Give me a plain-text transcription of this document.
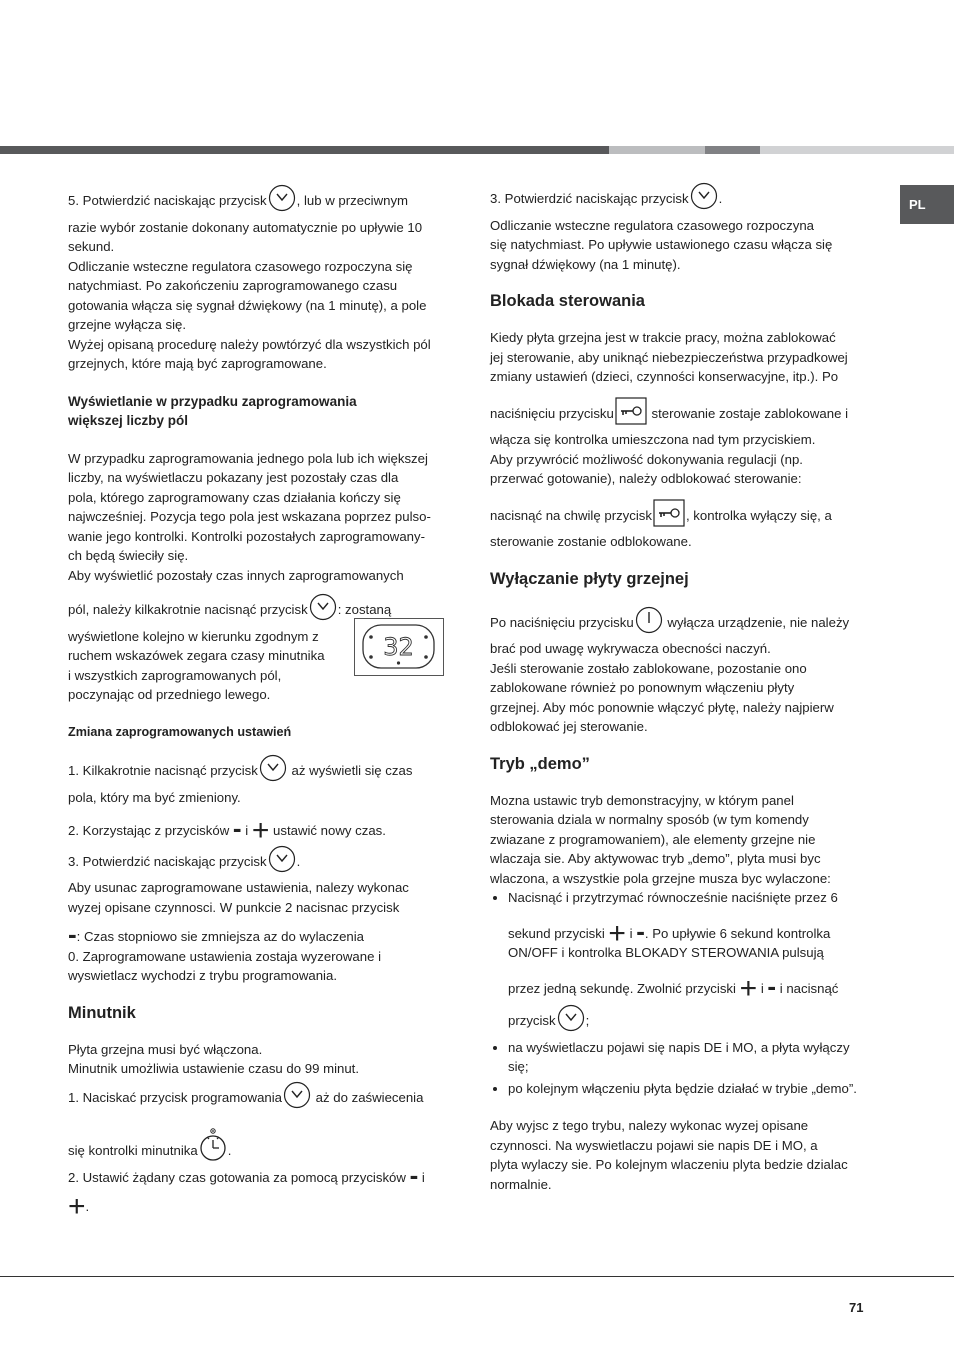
PL

5. Potwierdzić naciskając przycisk , lub w przeciwnym

razie wybór zostanie dokonany automatycznie po upływie 10

sekund.

Odliczanie wsteczne regulatora czasowego rozpoczyna się

natychmiast. Po zakończeniu zaprogramowanego czasu

gotowania włącza się sygnał dźwiękowy (na 1 minutę), a pole

grzejne wyłącza się.

Wyżej opisaną procedurę należy powtórzyć dla wszystkich pól

grzejnych, które mają być zaprogramowane.

Wyświetlanie w przypadku zaprogramowania

większej liczby pól

W przypadku zaprogramowania jednego pola lub ich większej

liczby, na wyświetlaczu pokazany jest pozostały czas dla

pola, którego zaprogramowany czas działania kończy się

najwcześniej. Pozycja tego pola jest wskazana poprzez pulso-

wanie jego kontrolki. Kontrolki pozostałych zaprogramowany-

ch będą świeciły się.

Aby wyświetlić pozostały czas innych zaprogramowanych

pól, należy kilkakrotnie nacisnąć przycisk : zostaną

wyświetlone kolejno w kierunku zgodnym z

ruchem wskazówek zegara czasy minutnika

i wszystkich zaprogramowanych pól,

poczynając od przedniego lewego.

Zmiana zaprogramowanych ustawień

1. Kilkakrotnie nacisnąć przycisk aż wyświetli się czas

pola, który ma być zmieniony.

2. Korzystając z przycisków - i + ustawić nowy czas.

3. Potwierdzić naciskając przycisk .

Aby usunac zaprogramowane ustawienia, nalezy wykonac

wyzej opisane czynnosci. W punkcie 2 nacisnac przycisk

-: Czas stopniowo sie zmniejsza az do wylaczenia

0. Zaprogramowane ustawienia zostaja wyzerowane i

wyswietlacz wychodzi z trybu programowania.

Minutnik

Płyta grzejna musi być włączona.

Minutnik umożliwia ustawienie czasu do 99 minut.

1. Naciskać przycisk programowania aż do zaświecenia

się kontrolki minutnika .

2. Ustawić żądany czas gotowania za pomocą przycisków - i

+.

32

3. Potwierdzić naciskając przycisk .

Odliczanie wsteczne regulatora czasowego rozpoczyna

się natychmiast. Po upływie ustawionego czasu włącza się

sygnał dźwiękowy (na 1 minutę).

Blokada sterowania

Kiedy płyta grzejna jest w trakcie pracy, można zablokować

jej sterowanie, aby uniknąć niebezpieczeństwa przypadkowej

zmiany ustawień (dzieci, czynności konserwacyjne, itp.). Po

naciśnięciu przycisku	sterowanie zostaje zablokowane i

włącza się kontrolka umieszczona nad tym przyciskiem.

Aby przywrócić możliwość dokonywania regulacji (np.

przerwać gotowanie), należy odblokować sterowanie:

nacisnąć na chwilę przycisk	, kontrolka wyłączy się, a

sterowanie zostanie odblokowane.

Wyłączanie płyty grzejnej

Po naciśnięciu przycisku wyłącza urządzenie, nie należy

brać pod uwagę wykrywacza obecności naczyń.

Jeśli sterowanie zostało zablokowane, pozostanie ono

zablokowane również po ponownym włączeniu płyty

grzejnej. Aby móc ponownie włączyć płytę, należy najpierw

odblokować jej sterowanie.

Tryb „demo”

Mozna ustawic tryb demonstracyjny, w którym panel

sterowania dziala w normalny sposób (w tym komendy

zwiazane z programowaniem), ale elementy grzejne nie

wlaczaja sie. Aby aktywowac tryb „demo”, plyta musi byc

wlaczona, a wszystkie pola grzejne musza byc wylaczone:

• Nacisnąć i przytrzymać równocześnie naciśnięte przez 6
sekund przyciski + i -. Po upływie 6 sekund kontrolka
ON/OFF i kontrolka BLOKADY STEROWANIA pulsują
przez jedną sekundę. Zwolnić przyciski + i - i nacisnąć
przycisk ;
• na wyświetlaczu pojawi się napis DE i MO, a płyta wyłączy się;
• po kolejnym włączeniu płyta będzie działać w trybie „demo”.

Aby wyjsc z tego trybu, nalezy wykonac wyzej opisane

czynnosci. Na wyswietlaczu pojawi sie napis DE i MO, a

plyta wylaczy sie. Po kolejnym wlaczeniu plyta bedzie dzialac

normalnie.

71
